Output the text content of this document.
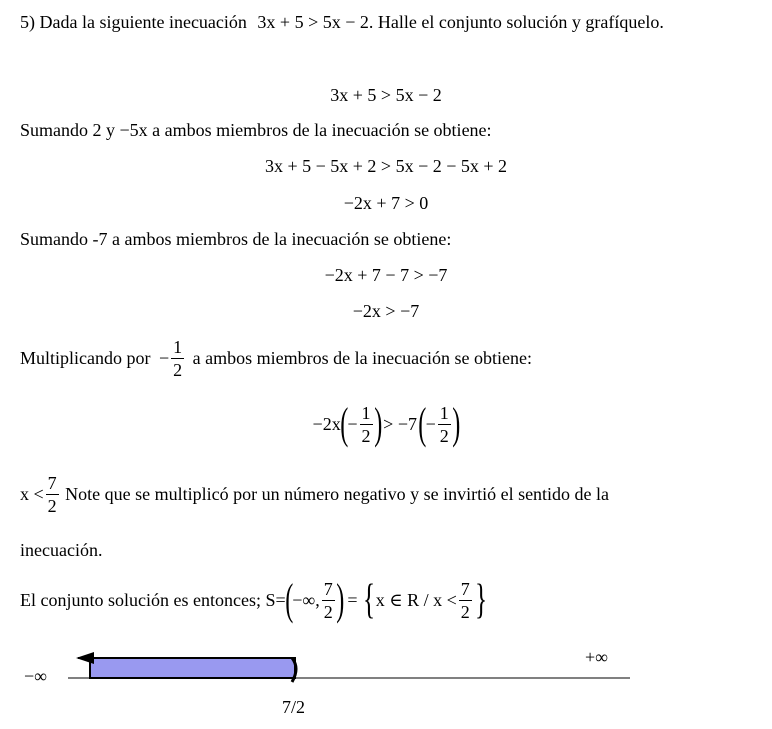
5) Dada la siguiente inecuación 3x + 5 > 5x − 2. Halle el conjunto solución y grafíquelo.
3x + 5 > 5x − 2
Sumando 2 y −5x a ambos miembros de la inecuación se obtiene:
3x + 5 − 5x + 2 > 5x − 2 − 5x + 2
−2x + 7 > 0
Sumando -7 a ambos miembros de la inecuación se obtiene:
−2x + 7 − 7 > −7
−2x > −7
Multiplicando por − $\frac{1}{2}$ a ambos miembros de la inecuación se obtiene:
$-2x(- \frac{1}{2}$ )> $-7(- \frac{1}{2}$ )
$x < \frac{7}{2}$ Note que se multiplicó por un número negativo y se invirtió el sentido de la
inecuación.
El conjunto solución es entonces; S=(−∞, $\frac{7}{2}$ ) = {x ∈ $R / x < \frac{7}{2}$ }
−∞
+∞
7/2
